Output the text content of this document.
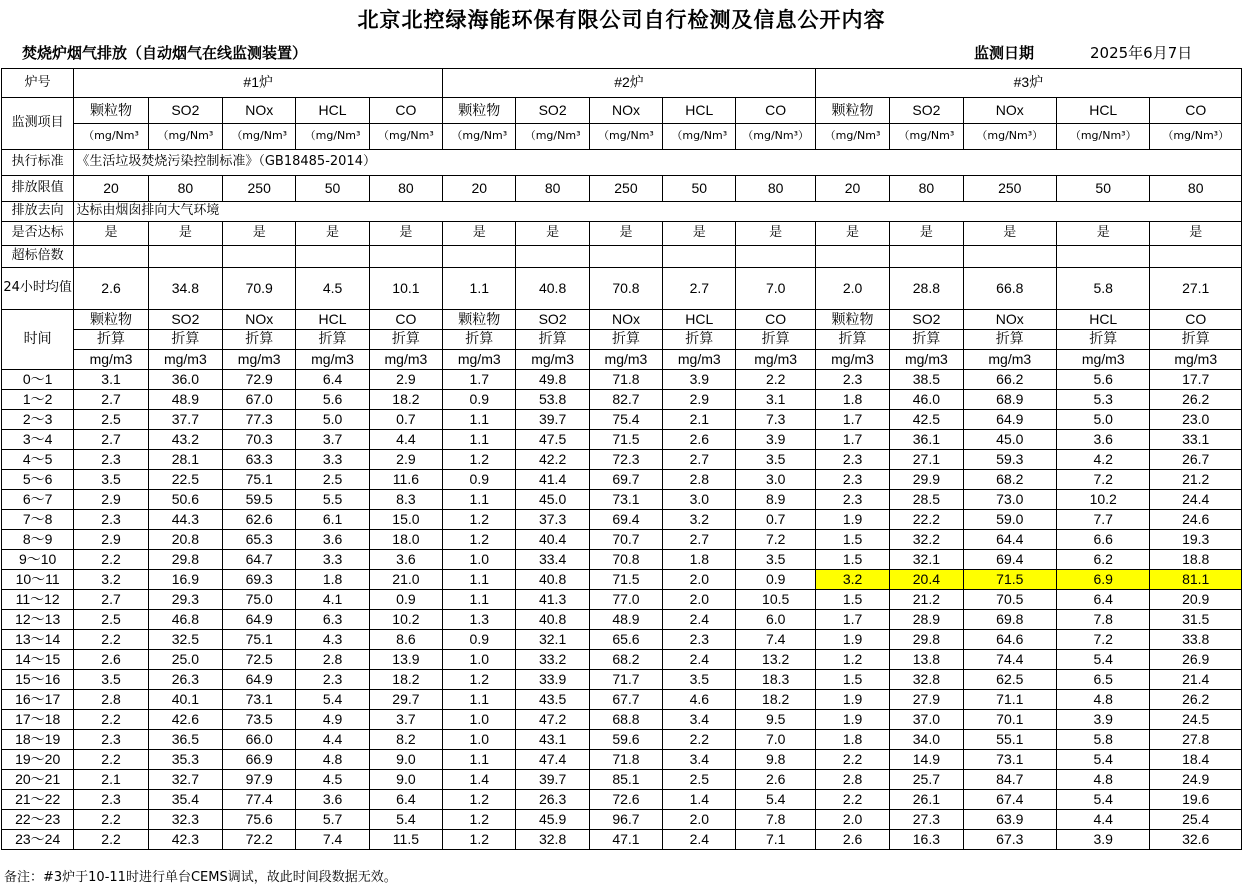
北京北控绿海能环保有限公司自行检测及信息公开内容
焚烧炉烟气排放（自动烟气在线监测装置）	监测日期	2025年6月7日
炉号	#1炉					#2炉					#3炉				
监测项目	颗粒物	SO2	NOx	HCL	CO	颗粒物	SO2	NOx	HCL	CO	颗粒物	SO2	NOx	HCL	CO
	（mg/Nm³	（mg/Nm³	（mg/Nm³	（mg/Nm³	（mg/Nm³	（mg/Nm³	（mg/Nm³	（mg/Nm³	（mg/Nm³	（mg/Nm³）	（mg/Nm³	（mg/Nm³	（mg/Nm³）	（mg/Nm³）	（mg/Nm³）
执行标准	《生活垃圾焚烧污染控制标准》（GB18485-2014）														
排放限值	20	80	250	50	80	20	80	250	50	80	20	80	250	50	80
排放去向	达标由烟囱排向大气环境														
是否达标	是	是	是	是	是	是	是	是	是	是	是	是	是	是	是
超标倍数															
24小时均值	2.6	34.8	70.9	4.5	10.1	1.1	40.8	70.8	2.7	7.0	2.0	28.8	66.8	5.8	27.1
时间	颗粒物	SO2	NOx	HCL	CO	颗粒物	SO2	NOx	HCL	CO	颗粒物	SO2	NOx	HCL	CO
	折算	折算	折算	折算	折算	折算	折算	折算	折算	折算	折算	折算	折算	折算	折算
	mg/m3	mg/m3	mg/m3	mg/m3	mg/m3	mg/m3	mg/m3	mg/m3	mg/m3	mg/m3	mg/m3	mg/m3	mg/m3	mg/m3	mg/m3
0～1	3.1	36.0	72.9	6.4	2.9	1.7	49.8	71.8	3.9	2.2	2.3	38.5	66.2	5.6	17.7
1～2	2.7	48.9	67.0	5.6	18.2	0.9	53.8	82.7	2.9	3.1	1.8	46.0	68.9	5.3	26.2
2～3	2.5	37.7	77.3	5.0	0.7	1.1	39.7	75.4	2.1	7.3	1.7	42.5	64.9	5.0	23.0
3～4	2.7	43.2	70.3	3.7	4.4	1.1	47.5	71.5	2.6	3.9	1.7	36.1	45.0	3.6	33.1
4～5	2.3	28.1	63.3	3.3	2.9	1.2	42.2	72.3	2.7	3.5	2.3	27.1	59.3	4.2	26.7
5～6	3.5	22.5	75.1	2.5	11.6	0.9	41.4	69.7	2.8	3.0	2.3	29.9	68.2	7.2	21.2
6～7	2.9	50.6	59.5	5.5	8.3	1.1	45.0	73.1	3.0	8.9	2.3	28.5	73.0	10.2	24.4
7～8	2.3	44.3	62.6	6.1	15.0	1.2	37.3	69.4	3.2	0.7	1.9	22.2	59.0	7.7	24.6
8～9	2.9	20.8	65.3	3.6	18.0	1.2	40.4	70.7	2.7	7.2	1.5	32.2	64.4	6.6	19.3
9～10	2.2	29.8	64.7	3.3	3.6	1.0	33.4	70.8	1.8	3.5	1.5	32.1	69.4	6.2	18.8
10～11	3.2	16.9	69.3	1.8	21.0	1.1	40.8	71.5	2.0	0.9	3.2	20.4	71.5	6.9	81.1
11～12	2.7	29.3	75.0	4.1	0.9	1.1	41.3	77.0	2.0	10.5	1.5	21.2	70.5	6.4	20.9
12～13	2.5	46.8	64.9	6.3	10.2	1.3	40.8	48.9	2.4	6.0	1.7	28.9	69.8	7.8	31.5
13～14	2.2	32.5	75.1	4.3	8.6	0.9	32.1	65.6	2.3	7.4	1.9	29.8	64.6	7.2	33.8
14～15	2.6	25.0	72.5	2.8	13.9	1.0	33.2	68.2	2.4	13.2	1.2	13.8	74.4	5.4	26.9
15～16	3.5	26.3	64.9	2.3	18.2	1.2	33.9	71.7	3.5	18.3	1.5	32.8	62.5	6.5	21.4
16～17	2.8	40.1	73.1	5.4	29.7	1.1	43.5	67.7	4.6	18.2	1.9	27.9	71.1	4.8	26.2
17～18	2.2	42.6	73.5	4.9	3.7	1.0	47.2	68.8	3.4	9.5	1.9	37.0	70.1	3.9	24.5
18～19	2.3	36.5	66.0	4.4	8.2	1.0	43.1	59.6	2.2	7.0	1.8	34.0	55.1	5.8	27.8
19～20	2.2	35.3	66.9	4.8	9.0	1.1	47.4	71.8	3.4	9.8	2.2	14.9	73.1	5.4	18.4
20～21	2.1	32.7	97.9	4.5	9.0	1.4	39.7	85.1	2.5	2.6	2.8	25.7	84.7	4.8	24.9
21～22	2.3	35.4	77.4	3.6	6.4	1.2	26.3	72.6	1.4	5.4	2.2	26.1	67.4	5.4	19.6
22～23	2.2	32.3	75.6	5.7	5.4	1.2	45.9	96.7	2.0	7.8	2.0	27.3	63.9	4.4	25.4
23～24	2.2	42.3	72.2	7.4	11.5	1.2	32.8	47.1	2.4	7.1	2.6	16.3	67.3	3.9	32.6
备注：#3炉于10-11时进行单台CEMS调试，故此时间段数据无效。
